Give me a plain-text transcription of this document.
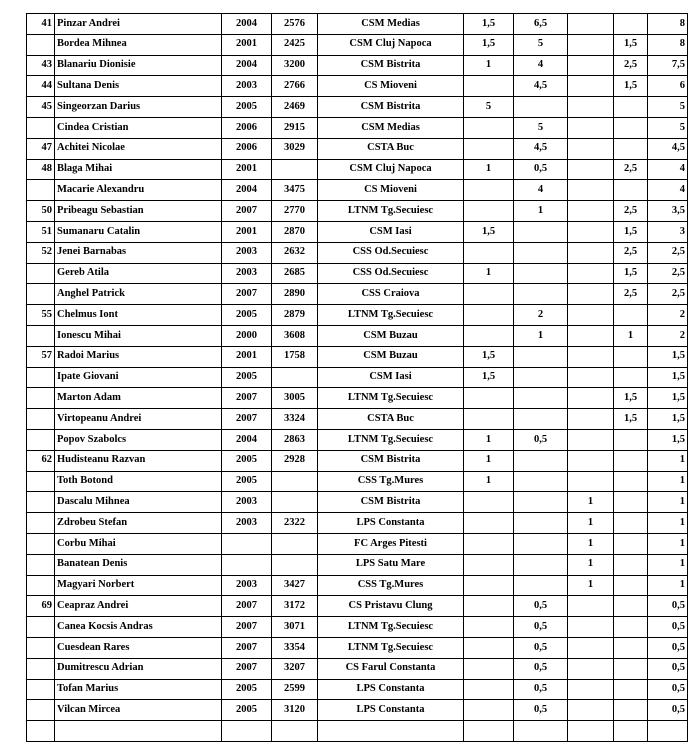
41	Pinzar Andrei	2004	2576	CSM Medias	1,5	6,5			8
	Bordea Mihnea	2001	2425	CSM Cluj Napoca	1,5	5		1,5	8
43	Blanariu Dionisie	2004	3200	CSM Bistrita	1	4		2,5	7,5
44	Sultana Denis	2003	2766	CS Mioveni		4,5		1,5	6
45	Singeorzan Darius	2005	2469	CSM Bistrita	5				5
	Cindea Cristian	2006	2915	CSM Medias		5			5
47	Achitei Nicolae	2006	3029	CSTA Buc		4,5			4,5
48	Blaga Mihai	2001		CSM Cluj Napoca	1	0,5		2,5	4
	Macarie Alexandru	2004	3475	CS Mioveni		4			4
50	Pribeagu Sebastian	2007	2770	LTNM Tg.Secuiesc		1		2,5	3,5
51	Sumanaru Catalin	2001	2870	CSM Iasi	1,5			1,5	3
52	Jenei Barnabas	2003	2632	CSS Od.Secuiesc				2,5	2,5
	Gereb Atila	2003	2685	CSS Od.Secuiesc	1			1,5	2,5
	Anghel Patrick	2007	2890	CSS Craiova				2,5	2,5
55	Chelmus Iont	2005	2879	LTNM Tg.Secuiesc		2			2
	Ionescu Mihai	2000	3608	CSM Buzau		1		1	2
57	Radoi Marius	2001	1758	CSM Buzau	1,5				1,5
	Ipate Giovani	2005		CSM Iasi	1,5				1,5
	Marton Adam	2007	3005	LTNM Tg.Secuiesc				1,5	1,5
	Virtopeanu Andrei	2007	3324	CSTA Buc				1,5	1,5
	Popov Szabolcs	2004	2863	LTNM Tg.Secuiesc	1	0,5			1,5
62	Hudisteanu Razvan	2005	2928	CSM Bistrita	1				1
	Toth Botond	2005		CSS Tg.Mures	1				1
	Dascalu Mihnea	2003		CSM Bistrita			1		1
	Zdrobeu Stefan	2003	2322	LPS Constanta			1		1
	Corbu Mihai			FC Arges Pitesti			1		1
	Banatean Denis			LPS Satu Mare			1		1
	Magyari Norbert	2003	3427	CSS Tg.Mures			1		1
69	Ceapraz Andrei	2007	3172	CS Pristavu Clung		0,5			0,5
	Canea Kocsis Andras	2007	3071	LTNM Tg.Secuiesc		0,5			0,5
	Cuesdean Rares	2007	3354	LTNM Tg.Secuiesc		0,5			0,5
	Dumitrescu Adrian	2007	3207	CS Farul Constanta		0,5			0,5
	Tofan Marius	2005	2599	LPS Constanta		0,5			0,5
	Vilcan Mircea	2005	3120	LPS Constanta		0,5			0,5
